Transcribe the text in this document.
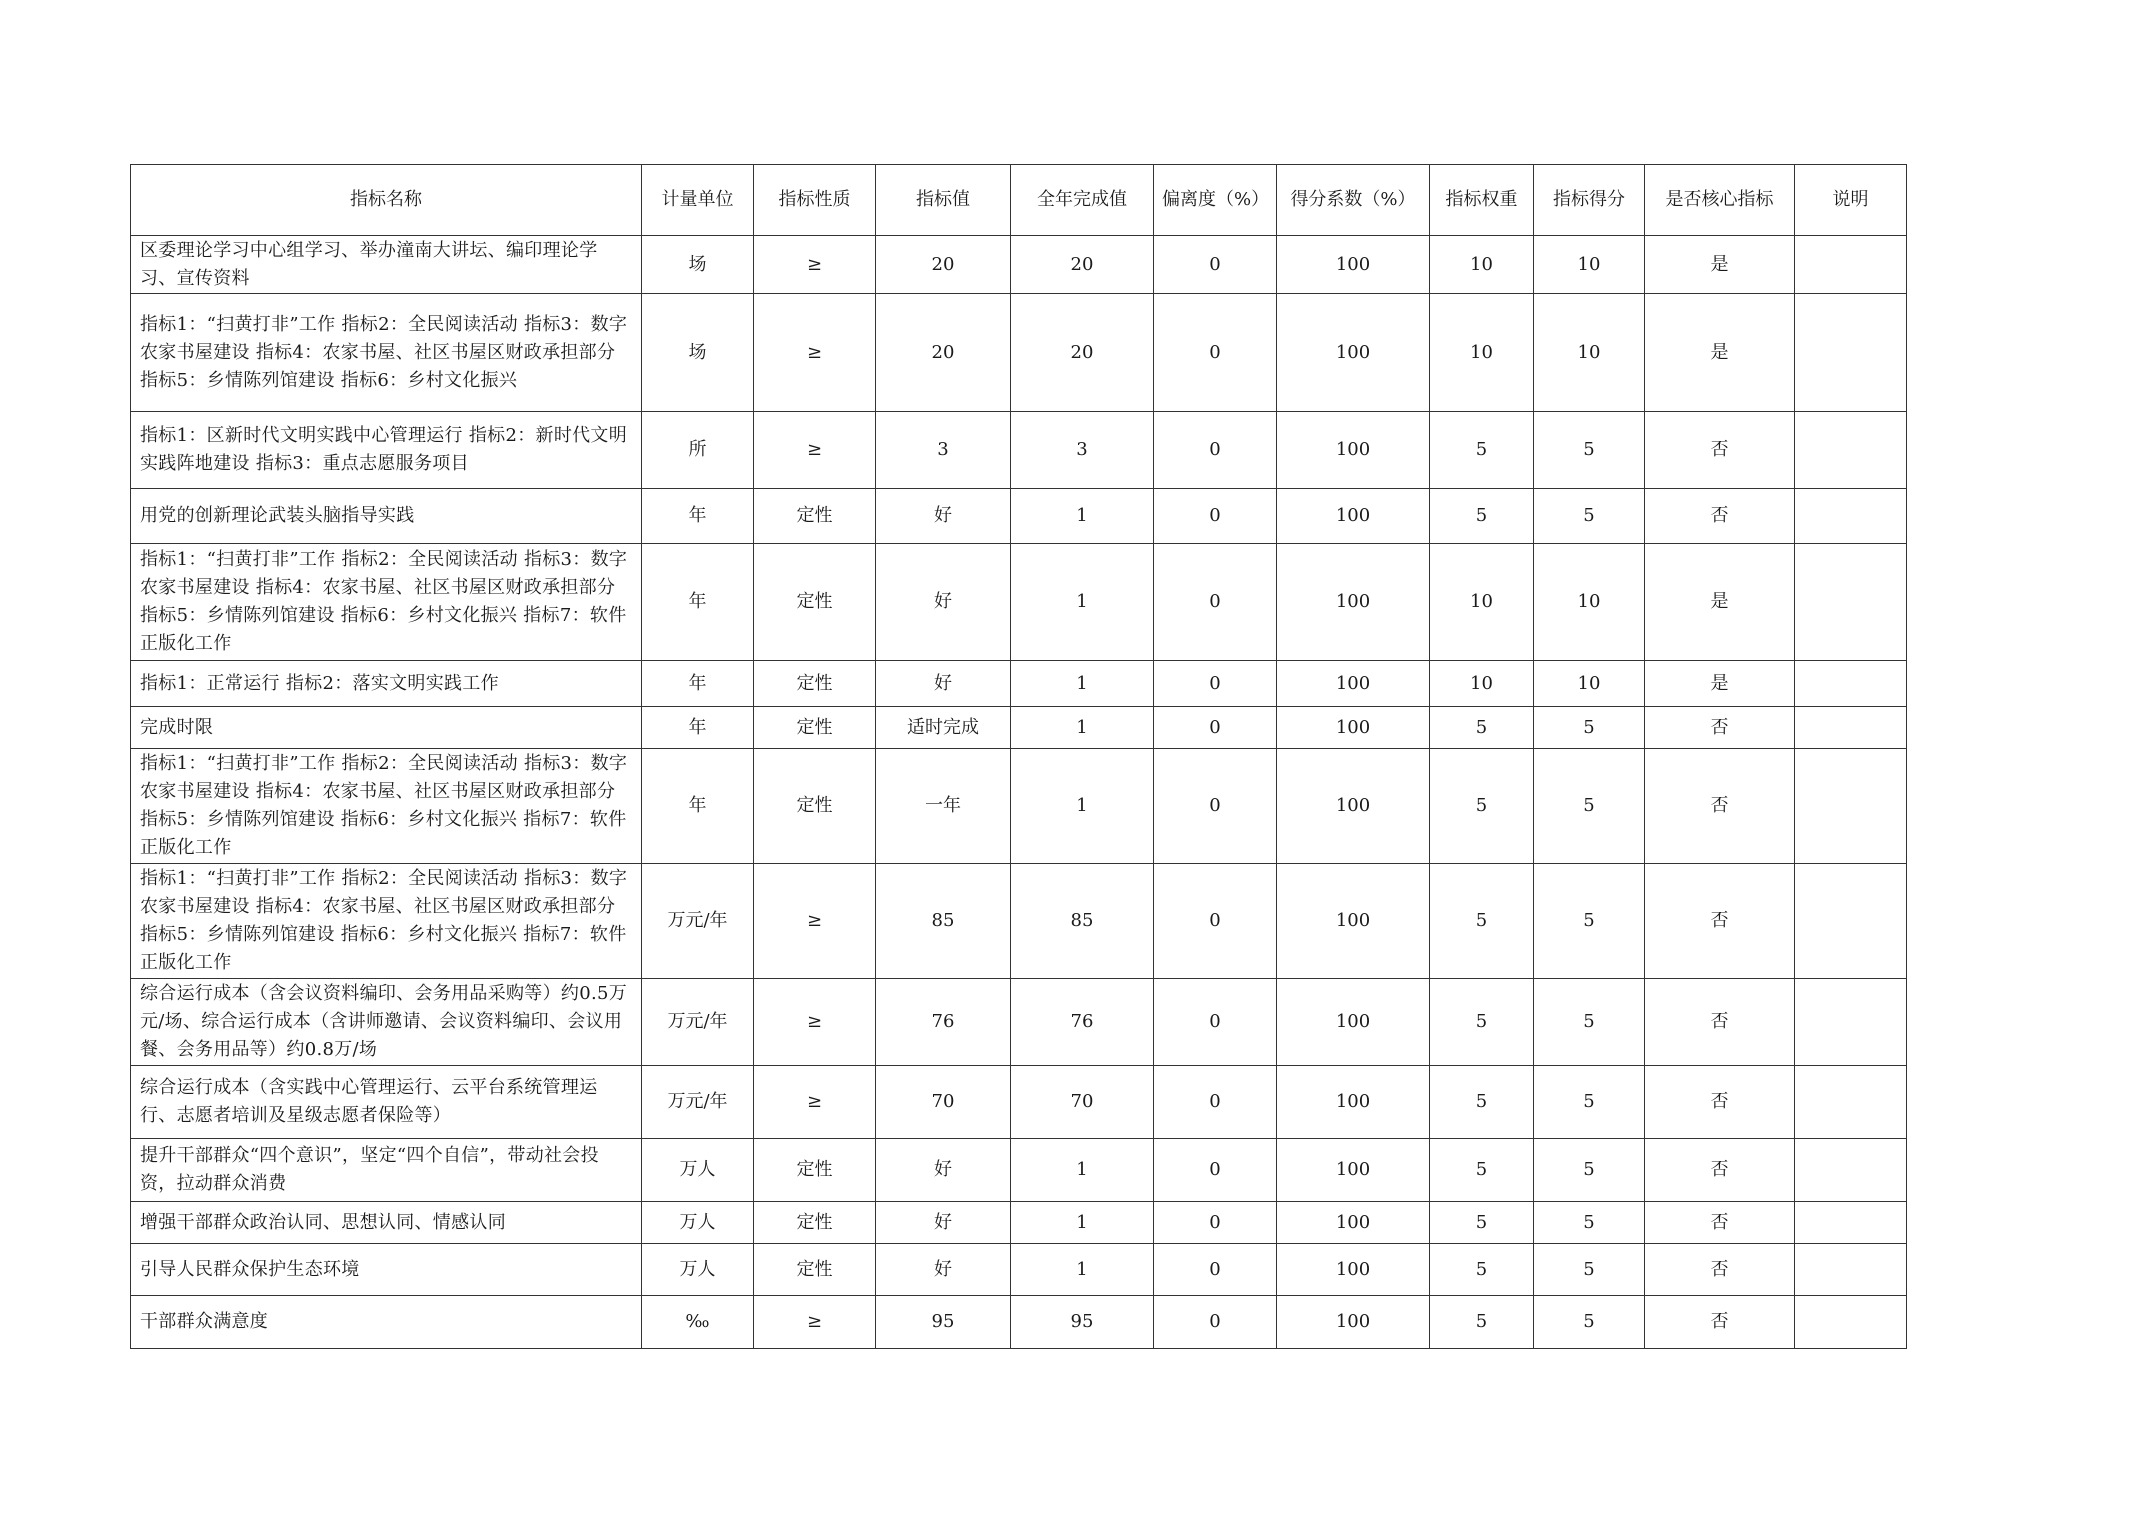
指标名称	计量单位	指标性质	指标值	全年完成值	偏离度（%）	得分系数（%）	指标权重	指标得分	是否核心指标	说明
区委理论学习中心组学习、举办潼南大讲坛、编印理论学习、宣传资料	场	≥	20	20	0	100	10	10	是	
指标1：“扫黄打非”工作 指标2：全民阅读活动 指标3：数字农家书屋建设 指标4：农家书屋、社区书屋区财政承担部分 指标5：乡情陈列馆建设 指标6：乡村文化振兴	场	≥	20	20	0	100	10	10	是	
指标1：区新时代文明实践中心管理运行 指标2：新时代文明实践阵地建设 指标3：重点志愿服务项目	所	≥	3	3	0	100	5	5	否	
用党的创新理论武装头脑指导实践	年	定性	好	1	0	100	5	5	否	
指标1：“扫黄打非”工作 指标2：全民阅读活动 指标3：数字农家书屋建设 指标4：农家书屋、社区书屋区财政承担部分 指标5：乡情陈列馆建设 指标6：乡村文化振兴 指标7：软件正版化工作	年	定性	好	1	0	100	10	10	是	
指标1：正常运行 指标2：落实文明实践工作	年	定性	好	1	0	100	10	10	是	
完成时限	年	定性	适时完成	1	0	100	5	5	否	
指标1：“扫黄打非”工作 指标2：全民阅读活动 指标3：数字农家书屋建设 指标4：农家书屋、社区书屋区财政承担部分 指标5：乡情陈列馆建设 指标6：乡村文化振兴 指标7：软件正版化工作	年	定性	一年	1	0	100	5	5	否	
指标1：“扫黄打非”工作 指标2：全民阅读活动 指标3：数字农家书屋建设 指标4：农家书屋、社区书屋区财政承担部分 指标5：乡情陈列馆建设 指标6：乡村文化振兴 指标7：软件正版化工作	万元/年	≥	85	85	0	100	5	5	否	
综合运行成本（含会议资料编印、会务用品采购等）约0.5万元/场、综合运行成本（含讲师邀请、会议资料编印、会议用餐、会务用品等）约0.8万/场	万元/年	≥	76	76	0	100	5	5	否	
综合运行成本（含实践中心管理运行、云平台系统管理运行、志愿者培训及星级志愿者保险等）	万元/年	≥	70	70	0	100	5	5	否	
提升干部群众“四个意识”，坚定“四个自信”，带动社会投资，拉动群众消费	万人	定性	好	1	0	100	5	5	否	
增强干部群众政治认同、思想认同、情感认同	万人	定性	好	1	0	100	5	5	否	
引导人民群众保护生态环境	万人	定性	好	1	0	100	5	5	否	
干部群众满意度	‰	≥	95	95	0	100	5	5	否	
